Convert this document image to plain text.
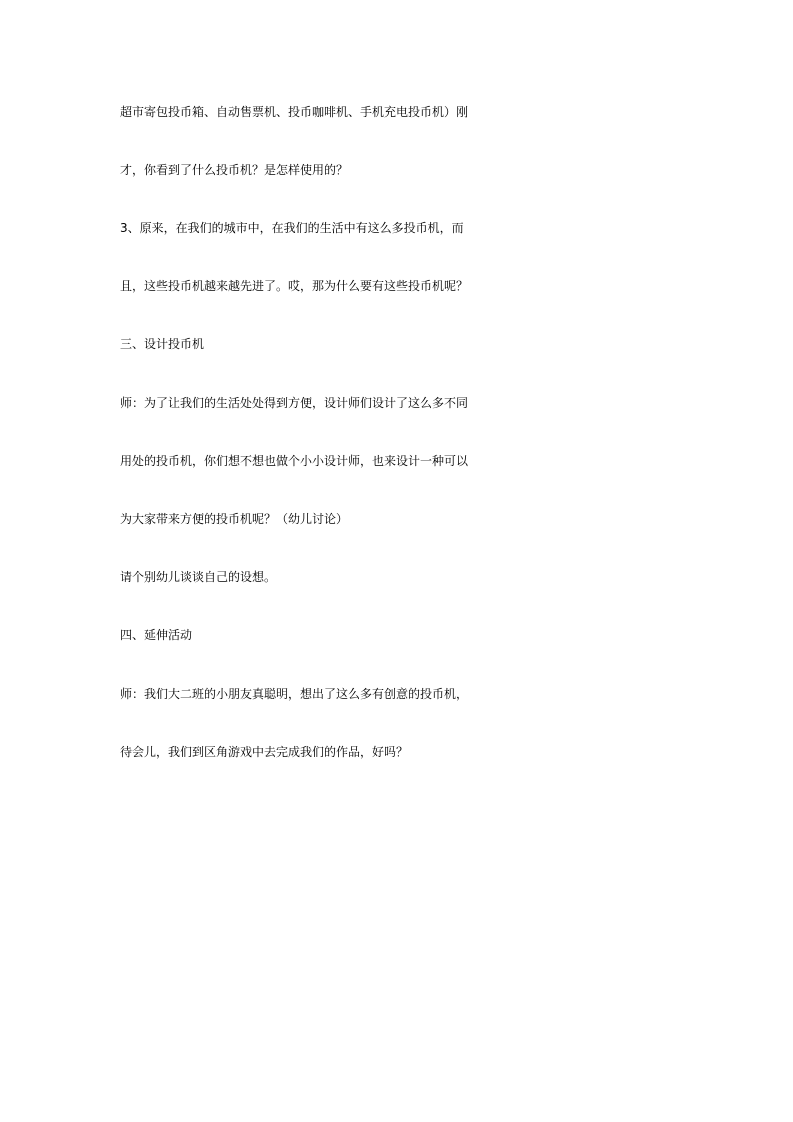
超市寄包投币箱、自动售票机、投币咖啡机、手机充电投币机）刚
才，你看到了什么投币机？是怎样使用的？
3、原来，在我们的城市中，在我们的生活中有这么多投币机，而
且，这些投币机越来越先进了。哎，那为什么要有这些投币机呢？
三、设计投币机
师：为了让我们的生活处处得到方便，设计师们设计了这么多不同
用处的投币机，你们想不想也做个小小设计师，也来设计一种可以
为大家带来方便的投币机呢？（幼儿讨论）
请个别幼儿谈谈自己的设想。
四、延伸活动
师：我们大二班的小朋友真聪明，想出了这么多有创意的投币机，
待会儿，我们到区角游戏中去完成我们的作品，好吗？
